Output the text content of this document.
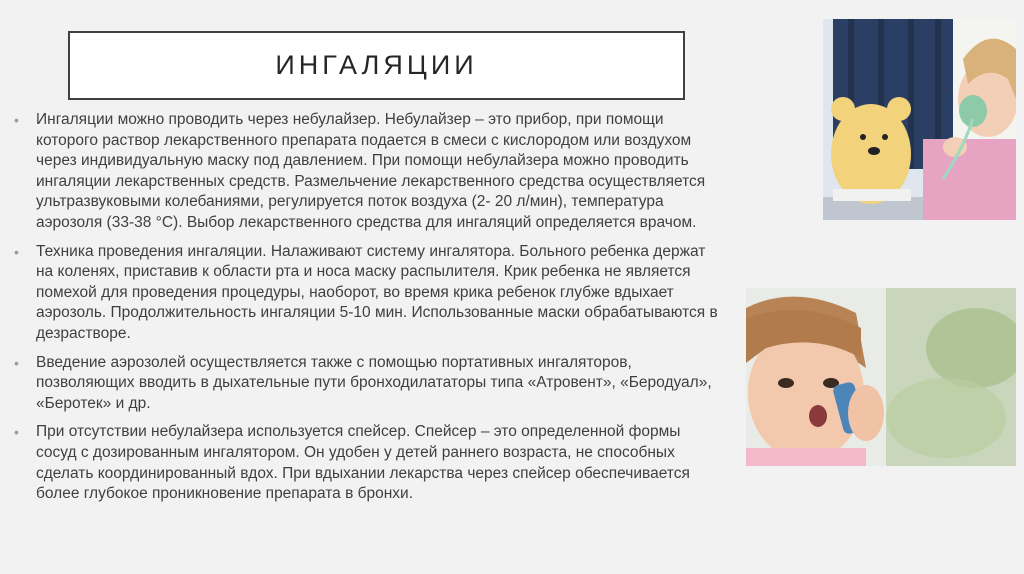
ИНГАЛЯЦИИ
• Ингаляции можно проводить через небулайзер. Небулайзер – это прибор, при помощи которого раствор лекарственного препарата подается в смеси с кислородом или воздухом через индивидуальную маску под давлением. При помощи небулайзера можно проводить ингаляции лекарственных средств. Размельчение лекарственного средства осуществляется ультразвуковыми колебаниями, регулируется поток воздуха (2- 20 л/мин), температура аэрозоля (33-38 °С). Выбор лекарственного средства для ингаляций определяется врачом.
• Техника проведения ингаляции. Налаживают систему ингалятора. Больного ребенка держат на коленях, приставив к области рта и носа маску распылителя. Крик ребенка не является помехой для проведения процедуры, наоборот, во время крика ребенок глубже вдыхает аэрозоль. Продолжительность ингаляции 5-10 мин. Использованные маски обрабатываются в дезрастворе.
• Введение аэрозолей осуществляется также с помощью портативных ингаляторов, позволяющих вводить в дыхательные пути бронходилататоры типа «Атровент», «Беродуал», «Беротек» и др.
• При отсутствии небулайзера используется спейсер. Спейсер – это определенной формы сосуд с дозированным ингалятором. Он удобен у детей раннего возраста, не способных сделать координированный вдох. При вдыхании лекарства через спейсер обеспечивается более глубокое проникновение препарата в бронхи.
